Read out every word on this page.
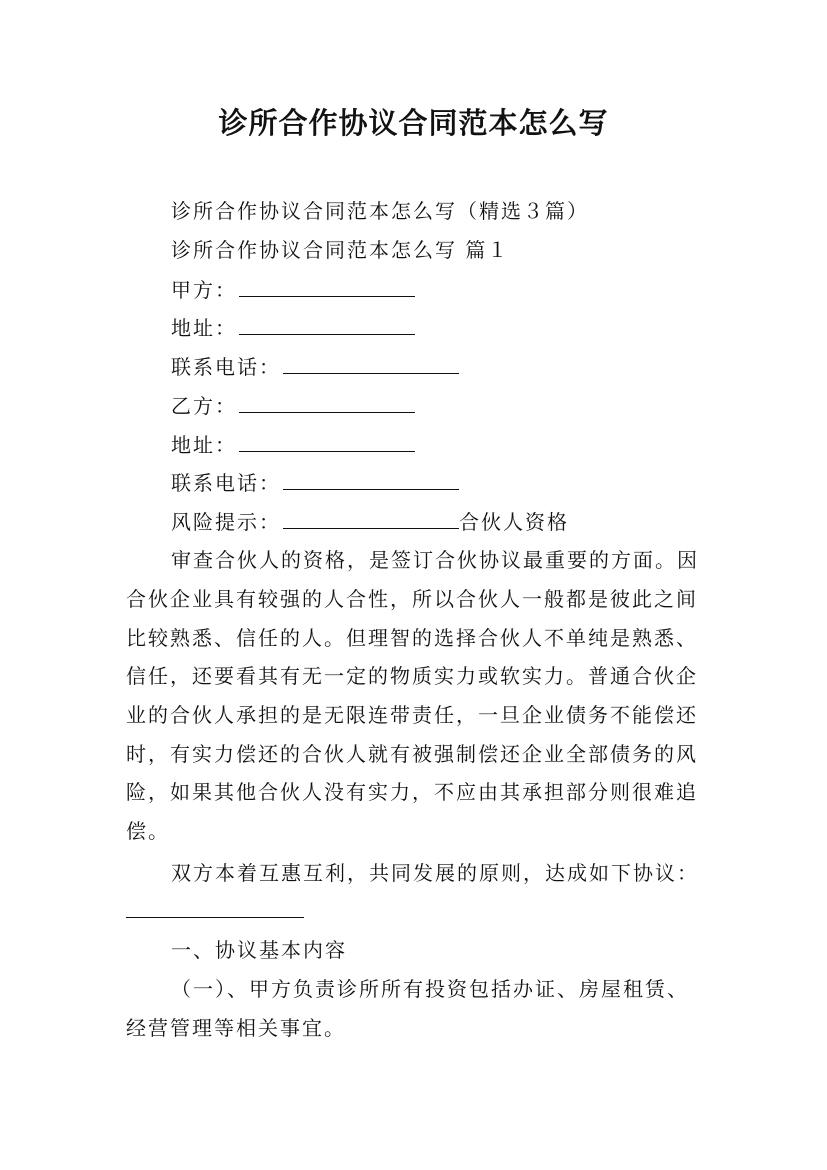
诊所合作协议合同范本怎么写
诊所合作协议合同范本怎么写（精选３篇）
诊所合作协议合同范本怎么写 篇１
甲方：
地址：
联系电话：
乙方：
地址：
联系电话：
风险提示：	合伙人资格
审查合伙人的资格，是签订合伙协议最重要的方面。因
合伙企业具有较强的人合性，所以合伙人一般都是彼此之间
比较熟悉、信任的人。但理智的选择合伙人不单纯是熟悉、
信任，还要看其有无一定的物质实力或软实力。普通合伙企
业的合伙人承担的是无限连带责任，一旦企业债务不能偿还
时，有实力偿还的合伙人就有被强制偿还企业全部债务的风
险，如果其他合伙人没有实力，不应由其承担部分则很难追
偿。
双方本着互惠互利，共同发展的原则，达成如下协议：
一、协议基本内容
（一）、甲方负责诊所所有投资包括办证、房屋租赁、
经营管理等相关事宜。
